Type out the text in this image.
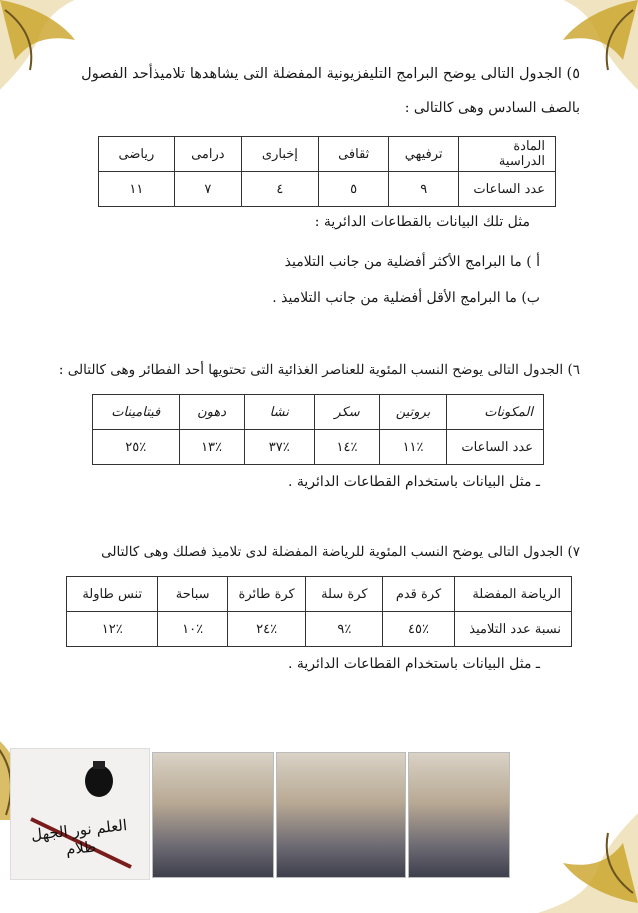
٥) الجدول التالى يوضح البرامج التليفزيونية المفضلة التى يشاهدها تلاميذأحد الفصول
بالصف السادس وهى كالتالى :
المادة الدراسية	ترفيهي	ثقافى	إخبارى	درامى	رياضى
عدد الساعات	٩	٥	٤	٧	١١
مثل تلك البيانات بالقطاعات الدائرية :
أ ) ما البرامج الأكثر أفضلية من جانب التلاميذ
ب) ما البرامج الأقل أفضلية من جانب التلاميذ .
٦) الجدول التالى يوضح النسب المئوية للعناصر الغذائية التى تحتويها أحد الفطائر وهى كالتالى :
المكونات	بروتين	سكر	نشا	دهون	فيتامينات
عدد الساعات	٪١١	٪١٤	٪٣٧	٪١٣	٪٢٥
ـ مثل البيانات باستخدام القطاعات الدائرية .
٧) الجدول التالى يوضح النسب المئوية للرياضة المفضلة لدى تلاميذ فصلك وهى كالتالى
الرياضة المفضلة	كرة قدم	كرة سلة	كرة طائرة	سباحة	تنس طاولة
نسبة عدد التلاميذ	٪٤٥	٪٩	٪٢٤	٪١٠	٪١٢
ـ مثل البيانات باستخدام القطاعات الدائرية .
العلم نور الجهل ظلام
